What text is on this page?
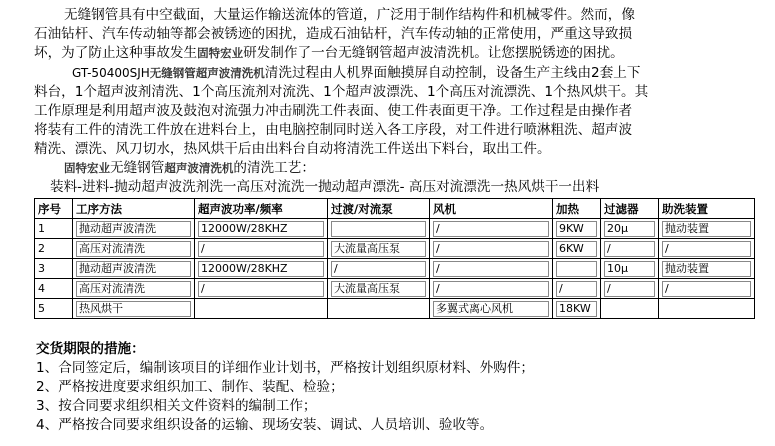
无缝钢管具有中空截面，大量运作输送流体的管道，广泛用于制作结构件和机械零件。然而，像
石油钻杆、汽车传动轴等都会被锈迹的困扰，造成石油钻杆，汽车传动轴的正常使用，严重这导致损
坏，为了防止这种事故发生固特宏业研发制作了一台无缝钢管超声波清洗机。让您摆脱锈迹的困扰。
GT-50400SJH无缝钢管超声波清洗机清洗过程由人机界面触摸屏自动控制，设备生产主线由2套上下
料台，1个超声波剂清洗、1个高压流剂对流洗、1个超声波漂洗、1个高压对流漂洗、1个热风烘干。其
工作原理是利用超声波及鼓泡对流强力冲击刷洗工件表面、使工件表面更干净。工作过程是由操作者
将装有工件的清洗工件放在进料台上，由电脑控制同时送入各工序段，对工件进行喷淋粗洗、超声波
精洗、漂洗、风刀切水，热风烘干后由出料台自动将清洗工件送出下料台，取出工件。
固特宏业无缝钢管超声波清洗机的清洗工艺：
装料-进料-抛动超声波洗剂洗一高压对流洗一抛动超声漂洗- 高压对流漂洗一热风烘干一出料
序号	工序方法	超声波功率/频率	过渡/对流泵	风机	加热	过滤器	助洗装置
1	抛动超声波清洗	12000W/28KHZ		/	9KW	20μ	抛动装置

2	高压对流清洗	/	大流量高压泵	/	6KW	/	/

3	抛动超声波清洗	12000W/28KHZ	/	/		10μ	抛动装置

4	高压对流清洗	/	大流量高压泵	/	/	/	/

5	热风烘干			多翼式离心风机	18KW		

交货期限的措施：
1、合同签定后，编制该项目的详细作业计划书，严格按计划组织原材料、外购件；
2、严格按进度要求组织加工、制作、装配、检验；
3、按合同要求组织相关文件资料的编制工作；
4、严格按合同要求组织设备的运输、现场安装、调试、人员培训、验收等。
